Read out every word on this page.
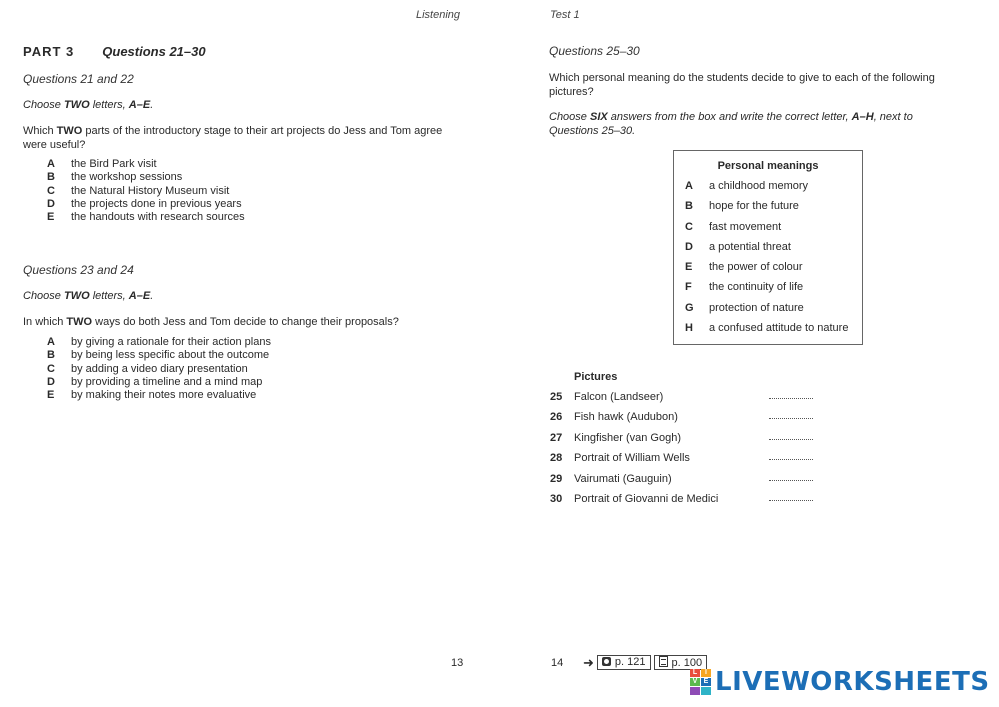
Listening	Test 1
PART 3 Questions 21–30
Questions 21 and 22
Choose TWO letters, A–E.
Which TWO parts of the introductory stage to their art projects do Jess and Tom agree were useful?
A the Bird Park visit
B the workshop sessions
C the Natural History Museum visit
D the projects done in previous years
E the handouts with research sources
Questions 23 and 24
Choose TWO letters, A–E.
In which TWO ways do both Jess and Tom decide to change their proposals?
A by giving a rationale for their action plans
B by being less specific about the outcome
C by adding a video diary presentation
D by providing a timeline and a mind map
E by making their notes more evaluative
13
Questions 25–30
Which personal meaning do the students decide to give to each of the following pictures?
Choose SIX answers from the box and write the correct letter, A–H, next to Questions 25–30.
Personal meanings
A a childhood memory
B hope for the future
C fast movement
D a potential threat
E the power of colour
F the continuity of life
G protection of nature
H a confused attitude to nature
Pictures
25 Falcon (Landseer)
26 Fish hawk (Audubon)
27 Kingfisher (van Gogh)
28 Portrait of William Wells
29 Vairumati (Gauguin)
30 Portrait of Giovanni de Medici
14 ➜	p. 121	p. 100
L	I
V E LIVEWORKSHEETS
